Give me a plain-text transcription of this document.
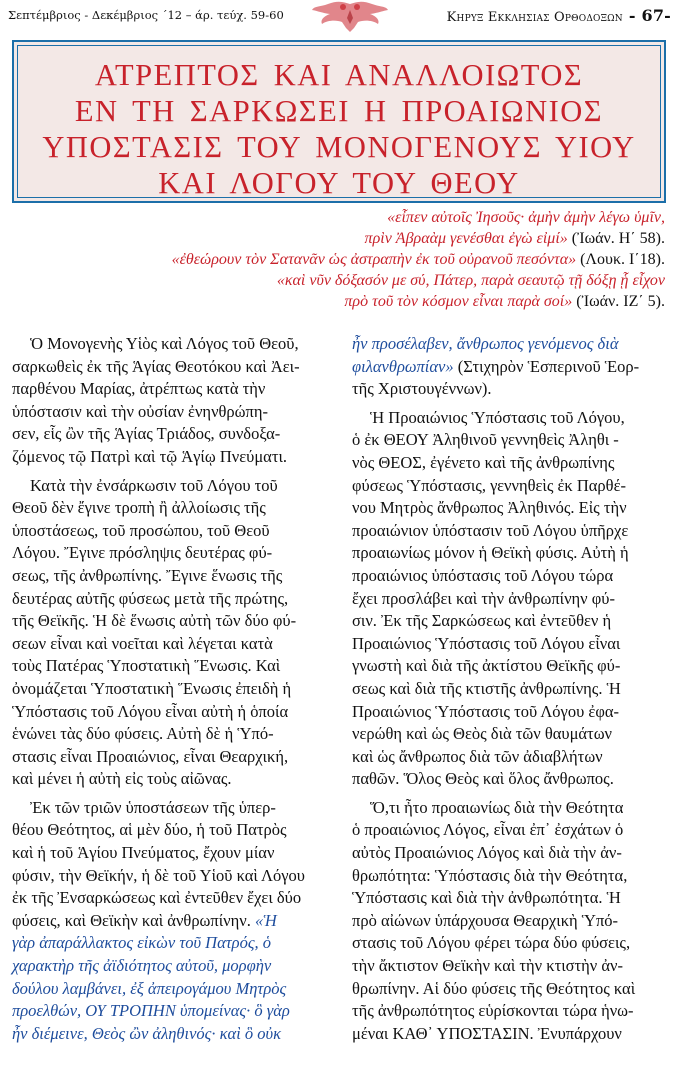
Σεπτέμβριος - Δεκέμβριος ΄12 – άρ. τεύχ. 59-60	Κηρυξ Εκκλησιας Ορθοδοξων - 67-
ΑΤΡΕΠΤΟΣ ΚΑΙ ΑΝΑΛΛΟΙΩΤΟΣ
ΕΝ ΤΗ ΣΑΡΚΩΣΕΙ Η ΠΡΟΑΙΩΝΙΟΣ
ΥΠΟΣΤΑΣΙΣ ΤΟΥ ΜΟΝΟΓΕΝΟΥΣ ΥΙΟΥ
ΚΑΙ ΛΟΓΟΥ ΤΟΥ ΘΕΟΥ
«εἶπεν αὐτοῖς Ἰησοῦς· ἀμὴν ἀμὴν λέγω ὑμῖν,
πρὶν Ἀβραὰμ γενέσθαι ἐγὼ εἰμί» (Ἰωάν. Η΄ 58).
«ἐθεώρουν τὸν Σατανᾶν ὡς ἀστραπὴν ἐκ τοῦ οὐρανοῦ πεσόντα» (Λουκ. Ι΄18).
«καὶ νῦν δόξασόν με σύ, Πάτερ, παρὰ σεαυτῷ τῇ δόξῃ ᾗ εἶχον
πρὸ τοῦ τὸν κόσμον εἶναι παρὰ σοί» (Ἰωάν. ΙΖ΄ 5).
Ὁ Μονογενὴς Υἱὸς καὶ Λόγος τοῦ Θεοῦ,
σαρκωθεὶς ἐκ τῆς Ἁγίας Θεοτόκου καὶ Ἀει-
παρθένου Μαρίας, ἀτρέπτως κατὰ τὴν
ὑπόστασιν καὶ τὴν οὐσίαν ἐνηνθρώπη-
σεν, εἷς ὢν τῆς Ἁγίας Τριάδος, συνδοξα-
ζόμενος τῷ Πατρὶ καὶ τῷ Ἁγίῳ Πνεύματι.
Κατὰ τὴν ἐνσάρκωσιν τοῦ Λόγου τοῦ
Θεοῦ δὲν ἔγινε τροπὴ ἢ ἀλλοίωσις τῆς
ὑποστάσεως, τοῦ προσώπου, τοῦ Θεοῦ
Λόγου. Ἔγινε πρόσληψις δευτέρας φύ-
σεως, τῆς ἀνθρωπίνης. Ἔγινε ἕνωσις τῆς
δευτέρας αὐτῆς φύσεως μετὰ τῆς πρώτης,
τῆς Θεϊκῆς. Ἡ δὲ ἕνωσις αὐτὴ τῶν δύο φύ-
σεων εἶναι καὶ νοεῖται καὶ λέγεται κατὰ
τοὺς Πατέρας Ὑποστατικὴ Ἕνωσις. Καὶ
ὀνομάζεται Ὑποστατικὴ Ἕνωσις ἐπειδὴ ἡ
Ὑπόστασις τοῦ Λόγου εἶναι αὐτὴ ἡ ὁποία
ἑνώνει τὰς δύο φύσεις. Αὐτὴ δὲ ἡ Ὑπό-
στασις εἶναι Προαιώνιος, εἶναι Θεαρχική,
καὶ μένει ἡ αὐτὴ εἰς τοὺς αἰῶνας.
Ἐκ τῶν τριῶν ὑποστάσεων τῆς ὑπερ-
θέου Θεότητος, αἱ μὲν δύο, ἡ τοῦ Πατρὸς
καὶ ἡ τοῦ Ἁγίου Πνεύματος, ἔχουν μίαν
φύσιν, τὴν Θεϊκήν, ἡ δὲ τοῦ Υἱοῦ καὶ Λόγου
ἐκ τῆς Ἐνσαρκώσεως καὶ ἐντεῦθεν ἔχει δύο
φύσεις, καὶ Θεϊκὴν καὶ ἀνθρωπίνην. «Ἡ
γὰρ ἀπαράλλακτος εἰκὼν τοῦ Πατρός, ὁ
χαρακτὴρ τῆς ἀϊδιότητος αὐτοῦ, μορφὴν
δούλου λαμβάνει, ἐξ ἀπειρογάμου Μητρὸς
προελθών, ΟΥ ΤΡΟΠΗΝ ὑπομείνας· ὃ γὰρ
ἦν διέμεινε, Θεὸς ὢν ἀληθινός· καὶ ὃ οὐκ
ἦν προσέλαβεν, ἄνθρωπος γενόμενος διὰ
φιλανθρωπίαν» (Στιχηρὸν Ἑσπερινοῦ Ἑορ-
τῆς Χριστουγέννων).
Ἡ Προαιώνιος Ὑπόστασις τοῦ Λόγου,
ὁ ἐκ ΘΕΟΥ Ἀληθινοῦ γεννηθεὶς Ἀληθι -
νὸς ΘΕΟΣ, ἐγένετο καὶ τῆς ἀνθρωπίνης
φύσεως Ὑπόστασις, γεννηθεὶς ἐκ Παρθέ-
νου Μητρὸς ἄνθρωπος Ἀληθινός. Εἰς τὴν
προαιώνιον ὑπόστασιν τοῦ Λόγου ὑπῆρχε
προαιωνίως μόνον ἡ Θεϊκὴ φύσις. Αὐτὴ ἡ
προαιώνιος ὑπόστασις τοῦ Λόγου τώρα
ἔχει προσλάβει καὶ τὴν ἀνθρωπίνην φύ-
σιν. Ἐκ τῆς Σαρκώσεως καὶ ἐντεῦθεν ἡ
Προαιώνιος Ὑπόστασις τοῦ Λόγου εἶναι
γνωστὴ καὶ διὰ τῆς ἀκτίστου Θεϊκῆς φύ-
σεως καὶ διὰ τῆς κτιστῆς ἀνθρωπίνης. Ἡ
Προαιώνιος Ὑπόστασις τοῦ Λόγου ἐφα-
νερώθη καὶ ὡς Θεὸς διὰ τῶν θαυμάτων
καὶ ὡς ἄνθρωπος διὰ τῶν ἀδιαβλήτων
παθῶν. Ὅλος Θεὸς καὶ ὅλος ἄνθρωπος.
Ὅ,τι ἦτο προαιωνίως διὰ τὴν Θεότητα
ὁ προαιώνιος Λόγος, εἶναι ἐπ᾽ ἐσχάτων ὁ
αὐτὸς Προαιώνιος Λόγος καὶ διὰ τὴν ἀν-
θρωπότητα: Ὑπόστασις διὰ τὴν Θεότητα,
Ὑπόστασις καὶ διὰ τὴν ἀνθρωπότητα. Ἡ
πρὸ αἰώνων ὑπάρχουσα Θεαρχικὴ Ὑπό-
στασις τοῦ Λόγου φέρει τώρα δύο φύσεις,
τὴν ἄκτιστον Θεϊκὴν καὶ τὴν κτιστὴν ἀν-
θρωπίνην. Αἱ δύο φύσεις τῆς Θεότητος καὶ
τῆς ἀνθρωπότητος εὑρίσκονται τώρα ἡνω-
μέναι ΚΑΘ᾽ ΥΠΟΣΤΑΣΙΝ. Ἐνυπάρχουν
